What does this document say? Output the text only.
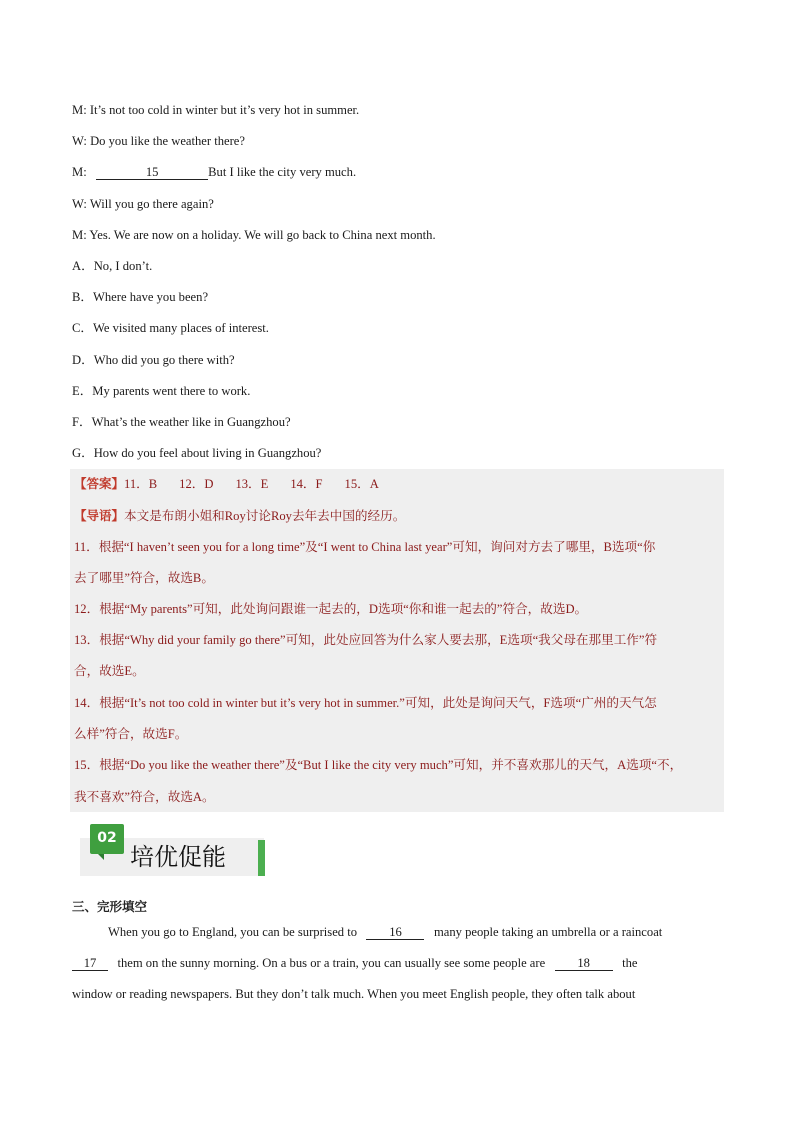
M: It’s not too cold in winter but it’s very hot in summer.
W: Do you like the weather there?
M:	15	But I like the city very much.
W: Will you go there again?
M: Yes. We are now on a holiday. We will go back to China next month.
A．No, I don’t.
B．Where have you been?
C．We visited many places of interest.
D．Who did you go there with?
E．My parents went there to work.
F．What’s the weather like in Guangzhou?
G．How do you feel about living in Guangzhou?
【答案】11．B 12．D 13．E 14．F 15．A
【导语】本文是布朗小姐和Roy讨论Roy去年去中国的经历。
11．根据“I haven’t seen you for a long time”及“I went to China last year”可知，询问对方去了哪里，B选项“你
去了哪里”符合，故选B。
12．根据“My parents”可知，此处询问跟谁一起去的，D选项“你和谁一起去的”符合，故选D。
13．根据“Why did your family go there”可知，此处应回答为什么家人要去那，E选项“我父母在那里工作”符
合，故选E。
14．根据“It’s not too cold in winter but it’s very hot in summer.”可知，此处是询问天气，F选项“广州的天气怎
么样”符合，故选F。
15．根据“Do you like the weather there”及“But I like the city very much”可知，并不喜欢那儿的天气，A选项“不，
我不喜欢”符合，故选A。
02
培优促能
三、完形填空
When you go to England, you can be surprised to	16	many people taking an umbrella or a raincoat
17 them on the sunny morning. On a bus or a train, you can usually see some people are	18	the
window or reading newspapers. But they don’t talk much. When you meet English people, they often talk about
